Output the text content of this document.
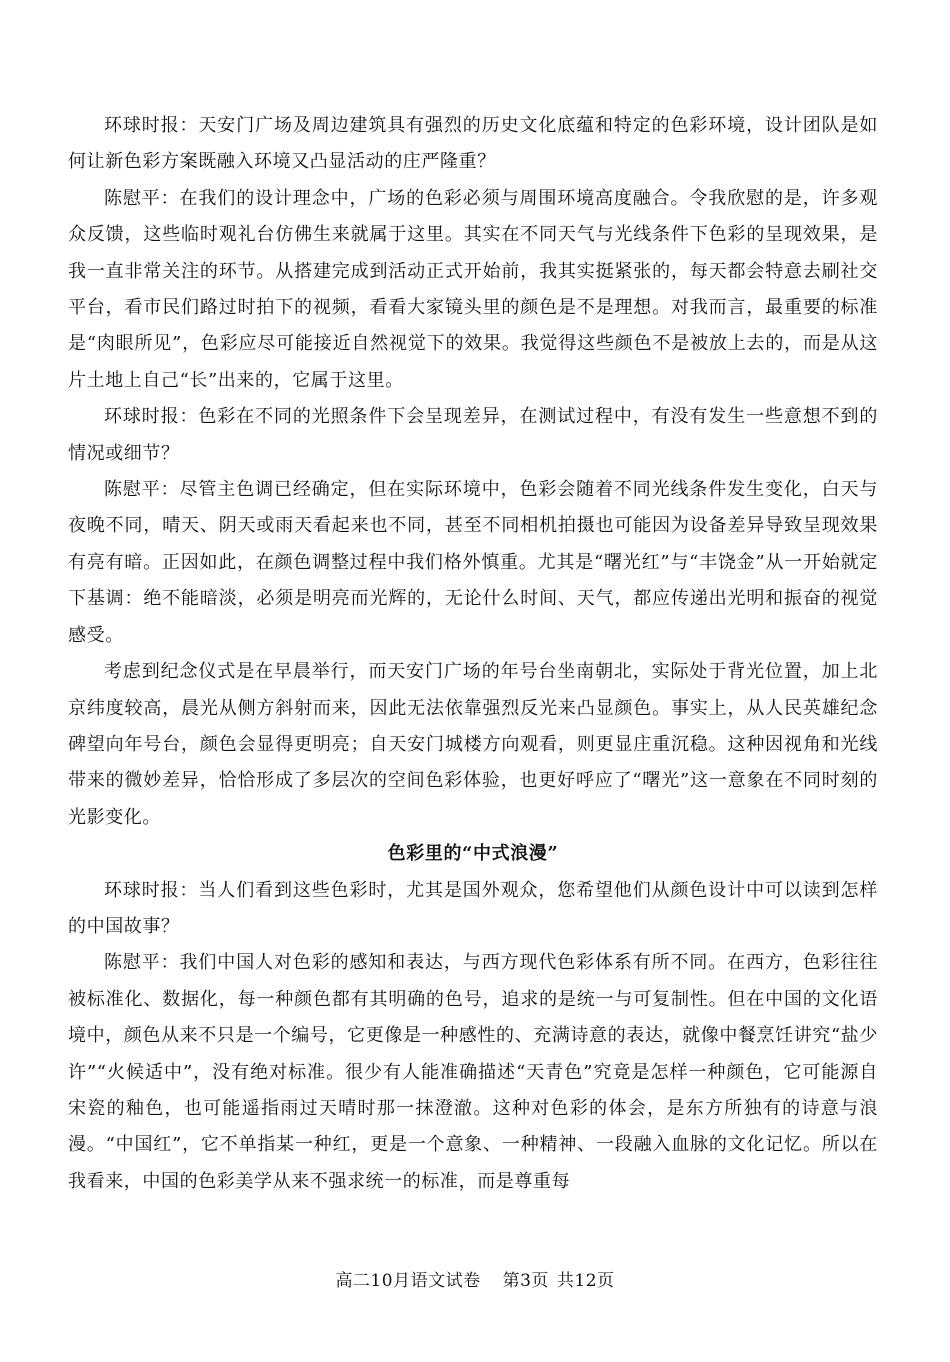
环球时报：天安门广场及周边建筑具有强烈的历史文化底蕴和特定的色彩环境，设计团队是如何让新色彩方案既融入环境又凸显活动的庄严隆重？

陈慰平：在我们的设计理念中，广场的色彩必须与周围环境高度融合。令我欣慰的是，许多观众反馈，这些临时观礼台仿佛生来就属于这里。其实在不同天气与光线条件下色彩的呈现效果，是我一直非常关注的环节。从搭建完成到活动正式开始前，我其实挺紧张的，每天都会特意去刷社交平台，看市民们路过时拍下的视频，看看大家镜头里的颜色是不是理想。对我而言，最重要的标准是“肉眼所见”，色彩应尽可能接近自然视觉下的效果。我觉得这些颜色不是被放上去的，而是从这片土地上自己“长”出来的，它属于这里。

环球时报：色彩在不同的光照条件下会呈现差异，在测试过程中，有没有发生一些意想不到的情况或细节？

陈慰平：尽管主色调已经确定，但在实际环境中，色彩会随着不同光线条件发生变化，白天与夜晚不同，晴天、阴天或雨天看起来也不同，甚至不同相机拍摄也可能因为设备差异导致呈现效果有亮有暗。正因如此，在颜色调整过程中我们格外慎重。尤其是“曙光红”与“丰饶金”从一开始就定下基调：绝不能暗淡，必须是明亮而光辉的，无论什么时间、天气，都应传递出光明和振奋的视觉感受。

考虑到纪念仪式是在早晨举行，而天安门广场的年号台坐南朝北，实际处于背光位置，加上北京纬度较高，晨光从侧方斜射而来，因此无法依靠强烈反光来凸显颜色。事实上，从人民英雄纪念碑望向年号台，颜色会显得更明亮；自天安门城楼方向观看，则更显庄重沉稳。这种因视角和光线带来的微妙差异，恰恰形成了多层次的空间色彩体验，也更好呼应了“曙光”这一意象在不同时刻的光影变化。

色彩里的“中式浪漫”

环球时报：当人们看到这些色彩时，尤其是国外观众，您希望他们从颜色设计中可以读到怎样的中国故事？

陈慰平：我们中国人对色彩的感知和表达，与西方现代色彩体系有所不同。在西方，色彩往往被标准化、数据化，每一种颜色都有其明确的色号，追求的是统一与可复制性。但在中国的文化语境中，颜色从来不只是一个编号，它更像是一种感性的、充满诗意的表达，就像中餐烹饪讲究“盐少许”“火候适中”，没有绝对标准。很少有人能准确描述“天青色”究竟是怎样一种颜色，它可能源自宋瓷的釉色，也可能遥指雨过天晴时那一抹澄澈。这种对色彩的体会，是东方所独有的诗意与浪漫。“中国红”，它不单指某一种红，更是一个意象、一种精神、一段融入血脉的文化记忆。所以在我看来，中国的色彩美学从来不强求统一的标准，而是尊重每

高二10月语文试卷 第3页 共12页
